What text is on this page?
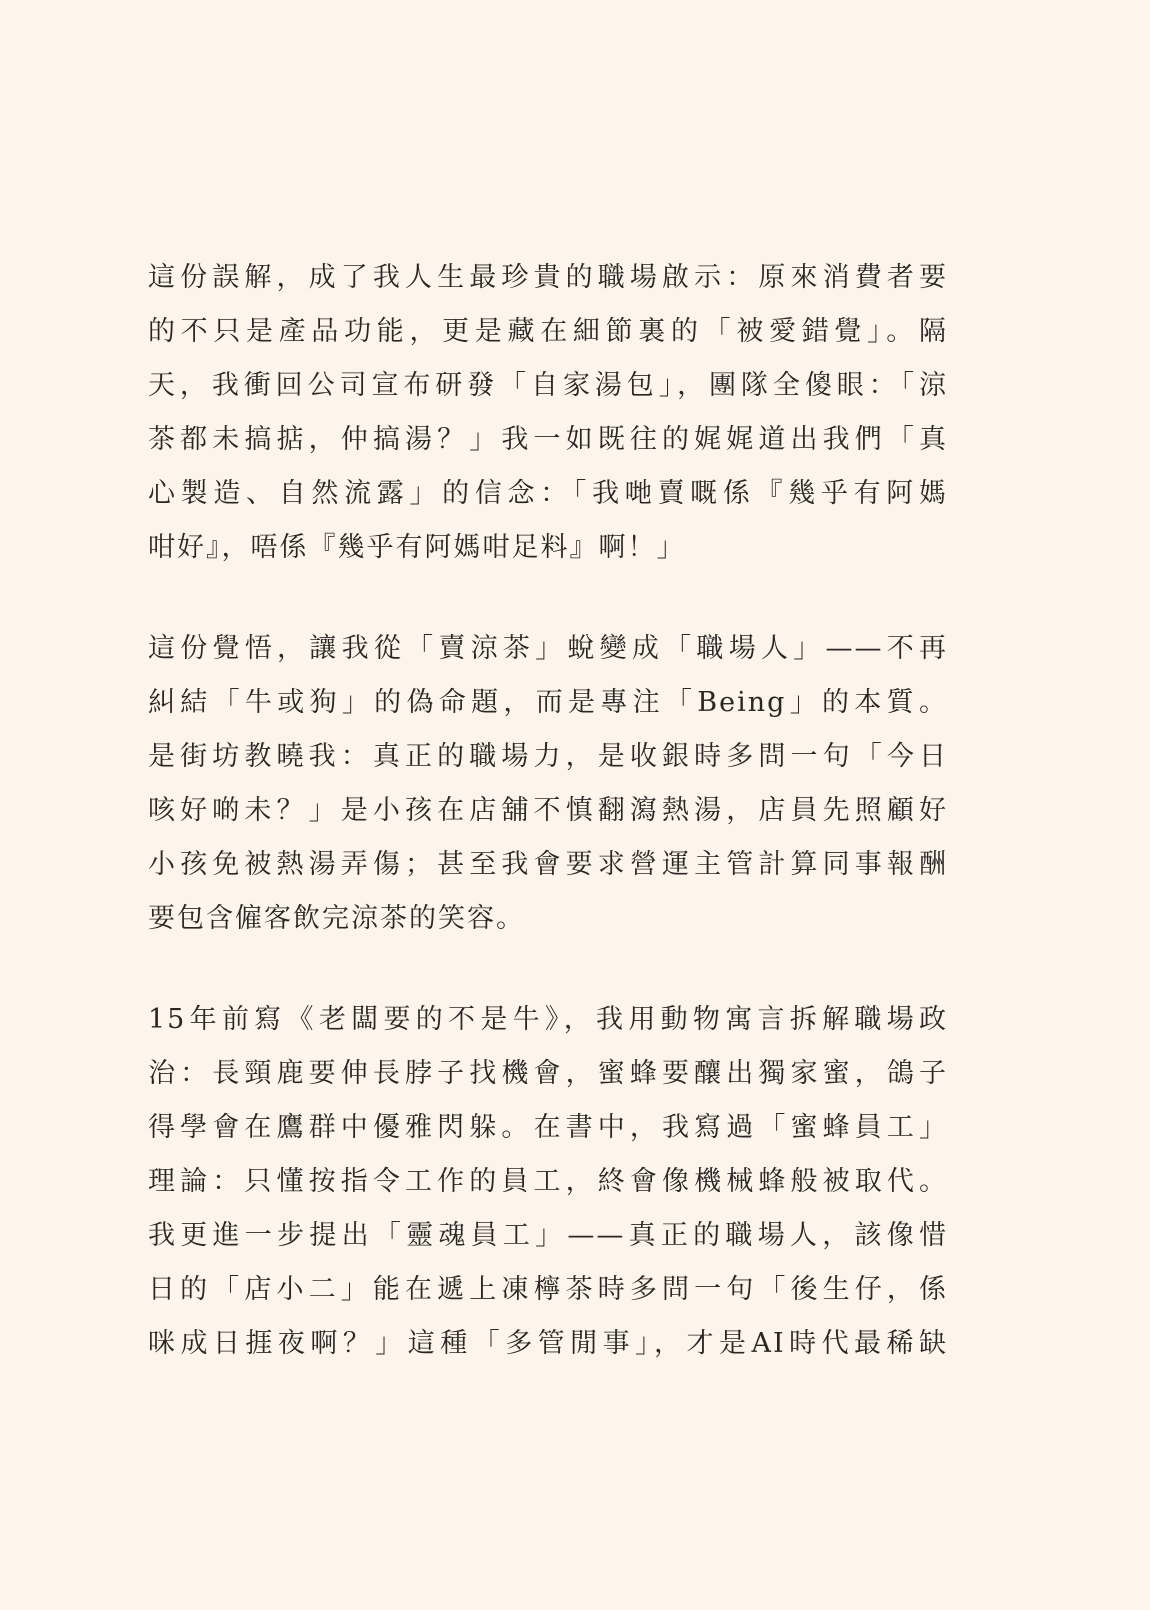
這份誤解，成了我人生最珍貴的職場啟示：原來消費者要
的不只是產品功能，更是藏在細節裏的「被愛錯覺」。隔
天，我衝回公司宣布研發「自家湯包」，團隊全傻眼：「涼
茶都未搞掂，仲搞湯？」我一如既往的娓娓道出我們「真
心製造、自然流露」的信念：「我哋賣嘅係『幾乎有阿媽
咁好』，唔係『幾乎有阿媽咁足料』啊！」

這份覺悟，讓我從「賣涼茶」蛻變成「職場人」——不再
糾結「牛或狗」的偽命題，而是專注「Being」的本質。
是街坊教曉我：真正的職場力，是收銀時多問一句「今日
咳好啲未？」是小孩在店舖不慎翻瀉熱湯，店員先照顧好
小孩免被熱湯弄傷；甚至我會要求營運主管計算同事報酬
要包含僱客飲完涼茶的笑容。

15年前寫《老闆要的不是牛》，我用動物寓言拆解職場政
治：長頸鹿要伸長脖子找機會，蜜蜂要釀出獨家蜜，鴿子
得學會在鷹群中優雅閃躲。在書中，我寫過「蜜蜂員工」
理論：只懂按指令工作的員工，終會像機械蜂般被取代。
我更進一步提出「靈魂員工」——真正的職場人，該像惜
日的「店小二」能在遞上凍檸茶時多問一句「後生仔，係
咪成日捱夜啊？」這種「多管閒事」，才是AI時代最稀缺
